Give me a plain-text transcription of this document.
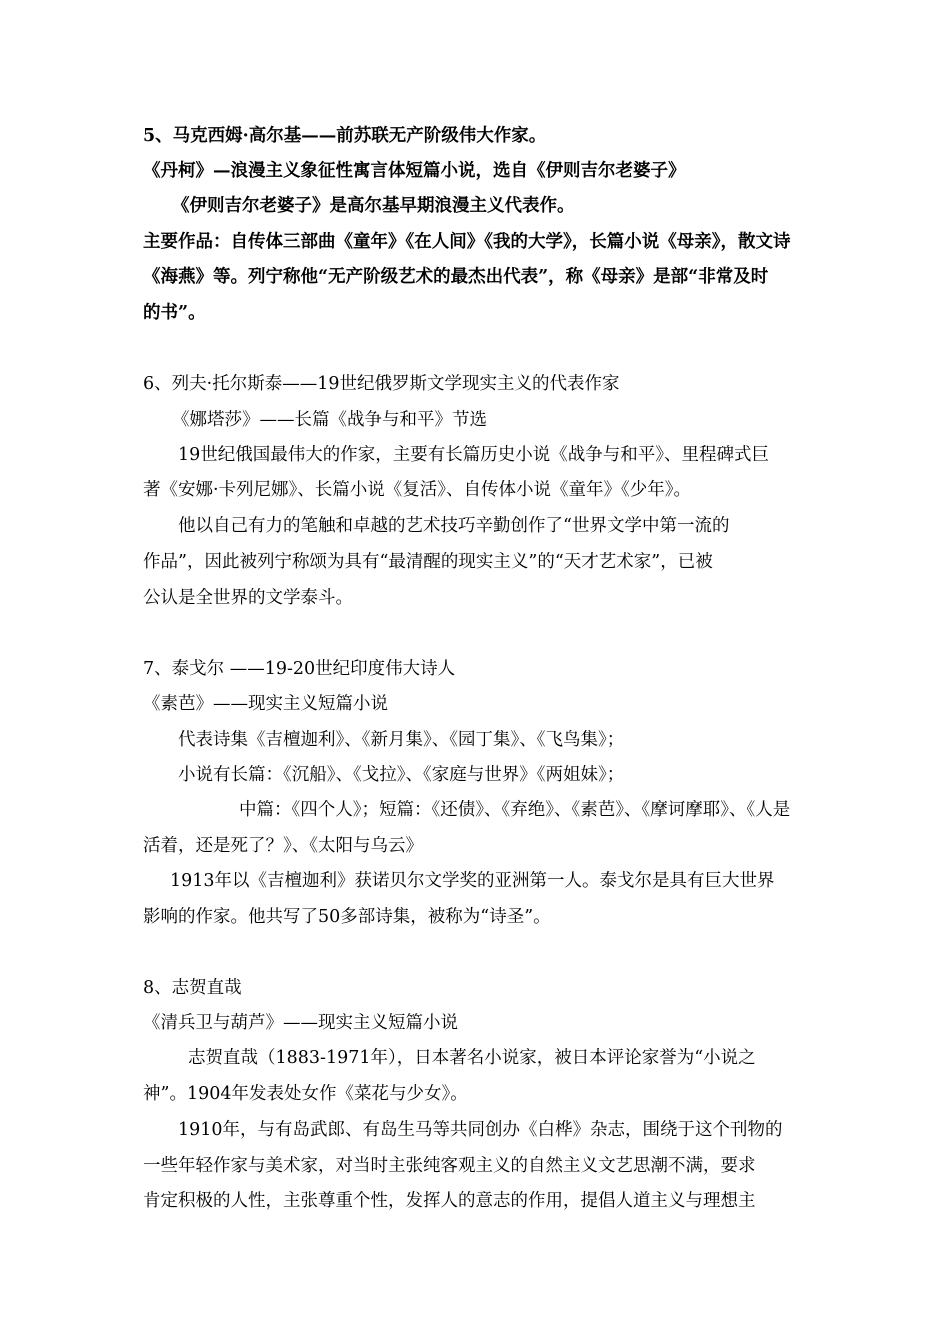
5、马克西姆·高尔基——前苏联无产阶级伟大作家。
《丹柯》—浪漫主义象征性寓言体短篇小说，选自《伊则吉尔老婆子》
《伊则吉尔老婆子》是高尔基早期浪漫主义代表作。
主要作品：自传体三部曲《童年》《在人间》《我的大学》，长篇小说《母亲》，散文诗
《海燕》等。列宁称他“无产阶级艺术的最杰出代表”，称《母亲》是部“非常及时
的书”。
6、列夫·托尔斯泰——19世纪俄罗斯文学现实主义的代表作家
《娜塔莎》——长篇《战争与和平》节选
19世纪俄国最伟大的作家，主要有长篇历史小说《战争与和平》、里程碑式巨
著《安娜·卡列尼娜》、长篇小说《复活》、自传体小说《童年》《少年》。
他以自己有力的笔触和卓越的艺术技巧辛勤创作了“世界文学中第一流的
作品”，因此被列宁称颂为具有“最清醒的现实主义”的“天才艺术家”，已被
公认是全世界的文学泰斗。
7、泰戈尔 ——19-20世纪印度伟大诗人
《素芭》——现实主义短篇小说
代表诗集《吉檀迦利》、《新月集》、《园丁集》、《飞鸟集》；
小说有长篇：《沉船》、《戈拉》、《家庭与世界》《两姐妹》；
中篇：《四个人》；短篇：《还债》、《弃绝》、《素芭》、《摩诃摩耶》、《人是
活着，还是死了？》、《太阳与乌云》
1913年以《吉檀迦利》获诺贝尔文学奖的亚洲第一人。泰戈尔是具有巨大世界
影响的作家。他共写了50多部诗集，被称为“诗圣”。
8、志贺直哉
《清兵卫与葫芦》——现实主义短篇小说
志贺直哉（1883-1971年），日本著名小说家，被日本评论家誉为“小说之
神”。1904年发表处女作《菜花与少女》。
1910年，与有岛武郎、有岛生马等共同创办《白桦》杂志，围绕于这个刊物的
一些年轻作家与美术家，对当时主张纯客观主义的自然主义文艺思潮不满，要求
肯定积极的人性，主张尊重个性，发挥人的意志的作用，提倡人道主义与理想主
